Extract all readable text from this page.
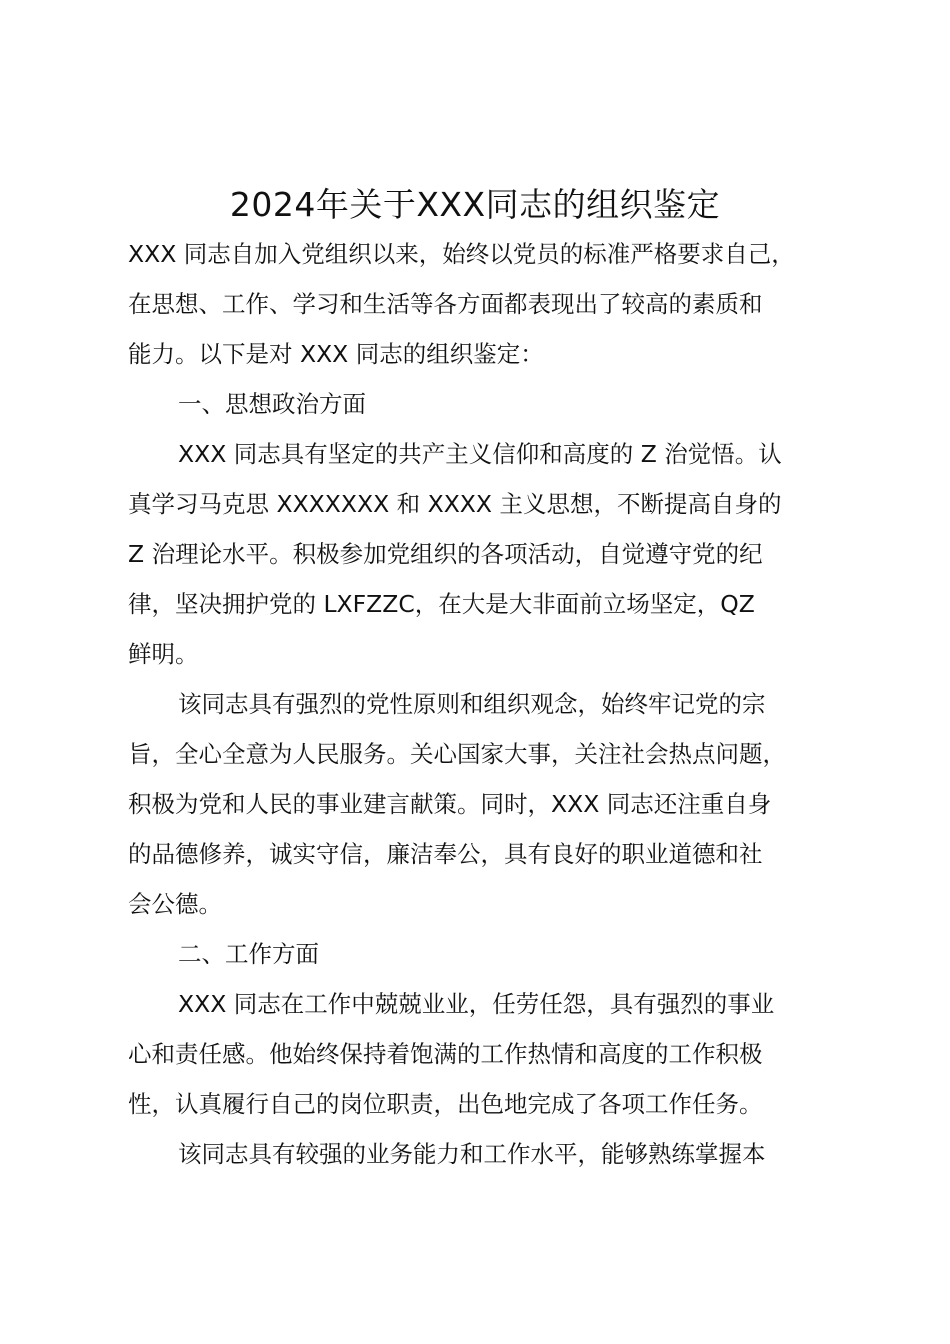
2024年关于XXX同志的组织鉴定
XXX 同志自加入党组织以来，始终以党员的标准严格要求自己，
在思想、工作、学习和生活等各方面都表现出了较高的素质和
能力。以下是对 XXX 同志的组织鉴定：
一、思想政治方面
XXX 同志具有坚定的共产主义信仰和高度的 Z 治觉悟。认
真学习马克思 XXXXXXX 和 XXXX 主义思想，不断提高自身的
Z 治理论水平。积极参加党组织的各项活动，自觉遵守党的纪
律，坚决拥护党的 LXFZZC，在大是大非面前立场坚定，QZ
鲜明。
该同志具有强烈的党性原则和组织观念，始终牢记党的宗
旨，全心全意为人民服务。关心国家大事，关注社会热点问题，
积极为党和人民的事业建言献策。同时，XXX 同志还注重自身
的品德修养，诚实守信，廉洁奉公，具有良好的职业道德和社
会公德。
二、工作方面
XXX 同志在工作中兢兢业业，任劳任怨，具有强烈的事业
心和责任感。他始终保持着饱满的工作热情和高度的工作积极
性，认真履行自己的岗位职责，出色地完成了各项工作任务。
该同志具有较强的业务能力和工作水平，能够熟练掌握本
